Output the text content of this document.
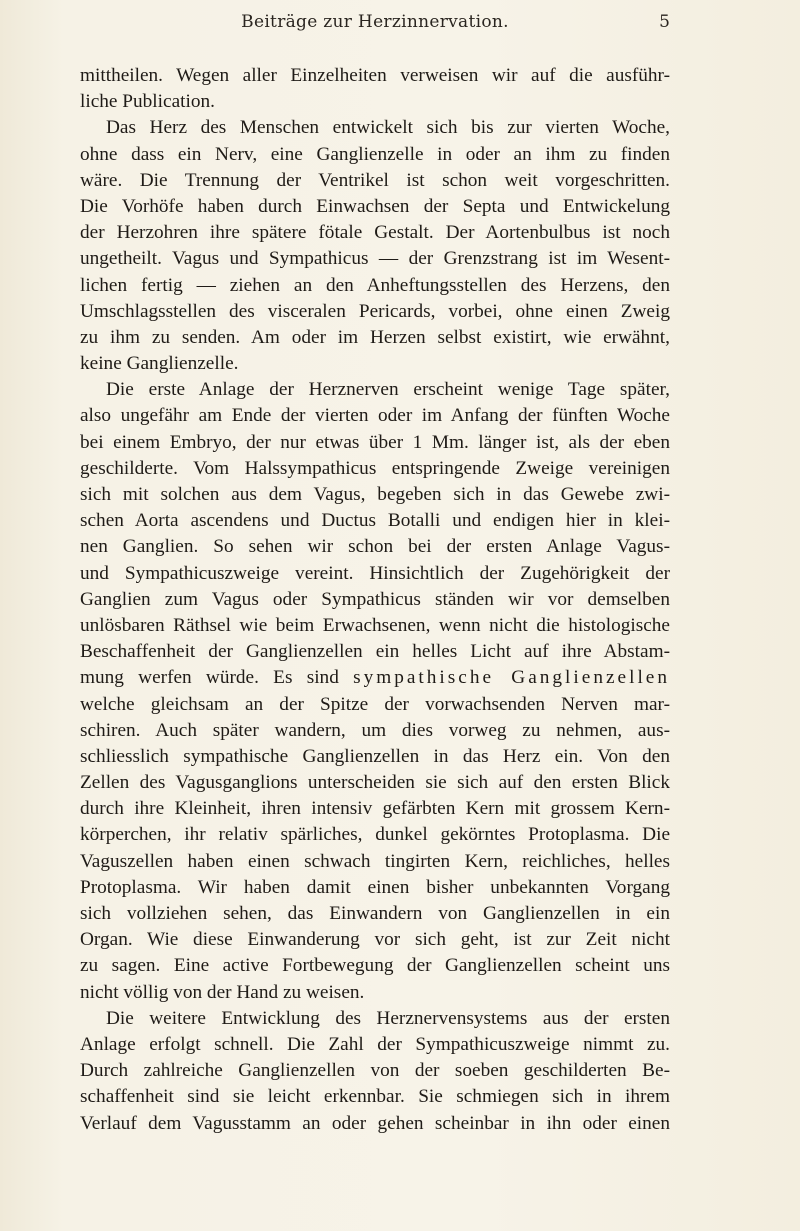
Beiträge zur Herzinnervation.	5
mittheilen. Wegen aller Einzelheiten verweisen wir auf die ausführ-
liche Publication.
Das Herz des Menschen entwickelt sich bis zur vierten Woche,
ohne dass ein Nerv, eine Ganglienzelle in oder an ihm zu finden
wäre. Die Trennung der Ventrikel ist schon weit vorgeschritten.
Die Vorhöfe haben durch Einwachsen der Septa und Entwickelung
der Herzohren ihre spätere fötale Gestalt. Der Aortenbulbus ist noch
ungetheilt. Vagus und Sympathicus — der Grenzstrang ist im Wesent-
lichen fertig — ziehen an den Anheftungsstellen des Herzens, den
Umschlagsstellen des visceralen Pericards, vorbei, ohne einen Zweig
zu ihm zu senden. Am oder im Herzen selbst existirt, wie erwähnt,
keine Ganglienzelle.
Die erste Anlage der Herznerven erscheint wenige Tage später,
also ungefähr am Ende der vierten oder im Anfang der fünften Woche
bei einem Embryo, der nur etwas über 1 Mm. länger ist, als der eben
geschilderte. Vom Halssympathicus entspringende Zweige vereinigen
sich mit solchen aus dem Vagus, begeben sich in das Gewebe zwi-
schen Aorta ascendens und Ductus Botalli und endigen hier in klei-
nen Ganglien. So sehen wir schon bei der ersten Anlage Vagus-
und Sympathicuszweige vereint. Hinsichtlich der Zugehörigkeit der
Ganglien zum Vagus oder Sympathicus ständen wir vor demselben
unlösbaren Räthsel wie beim Erwachsenen, wenn nicht die histologische
Beschaffenheit der Ganglienzellen ein helles Licht auf ihre Abstam-
mung werfen würde. Es sind sympathische Ganglienzellen
welche gleichsam an der Spitze der vorwachsenden Nerven mar-
schiren. Auch später wandern, um dies vorweg zu nehmen, aus-
schliesslich sympathische Ganglienzellen in das Herz ein. Von den
Zellen des Vagusganglions unterscheiden sie sich auf den ersten Blick
durch ihre Kleinheit, ihren intensiv gefärbten Kern mit grossem Kern-
körperchen, ihr relativ spärliches, dunkel gekörntes Protoplasma. Die
Vaguszellen haben einen schwach tingirten Kern, reichliches, helles
Protoplasma. Wir haben damit einen bisher unbekannten Vorgang
sich vollziehen sehen, das Einwandern von Ganglienzellen in ein
Organ. Wie diese Einwanderung vor sich geht, ist zur Zeit nicht
zu sagen. Eine active Fortbewegung der Ganglienzellen scheint uns
nicht völlig von der Hand zu weisen.
Die weitere Entwicklung des Herznervensystems aus der ersten
Anlage erfolgt schnell. Die Zahl der Sympathicuszweige nimmt zu.
Durch zahlreiche Ganglienzellen von der soeben geschilderten Be-
schaffenheit sind sie leicht erkennbar. Sie schmiegen sich in ihrem
Verlauf dem Vagusstamm an oder gehen scheinbar in ihn oder einen
